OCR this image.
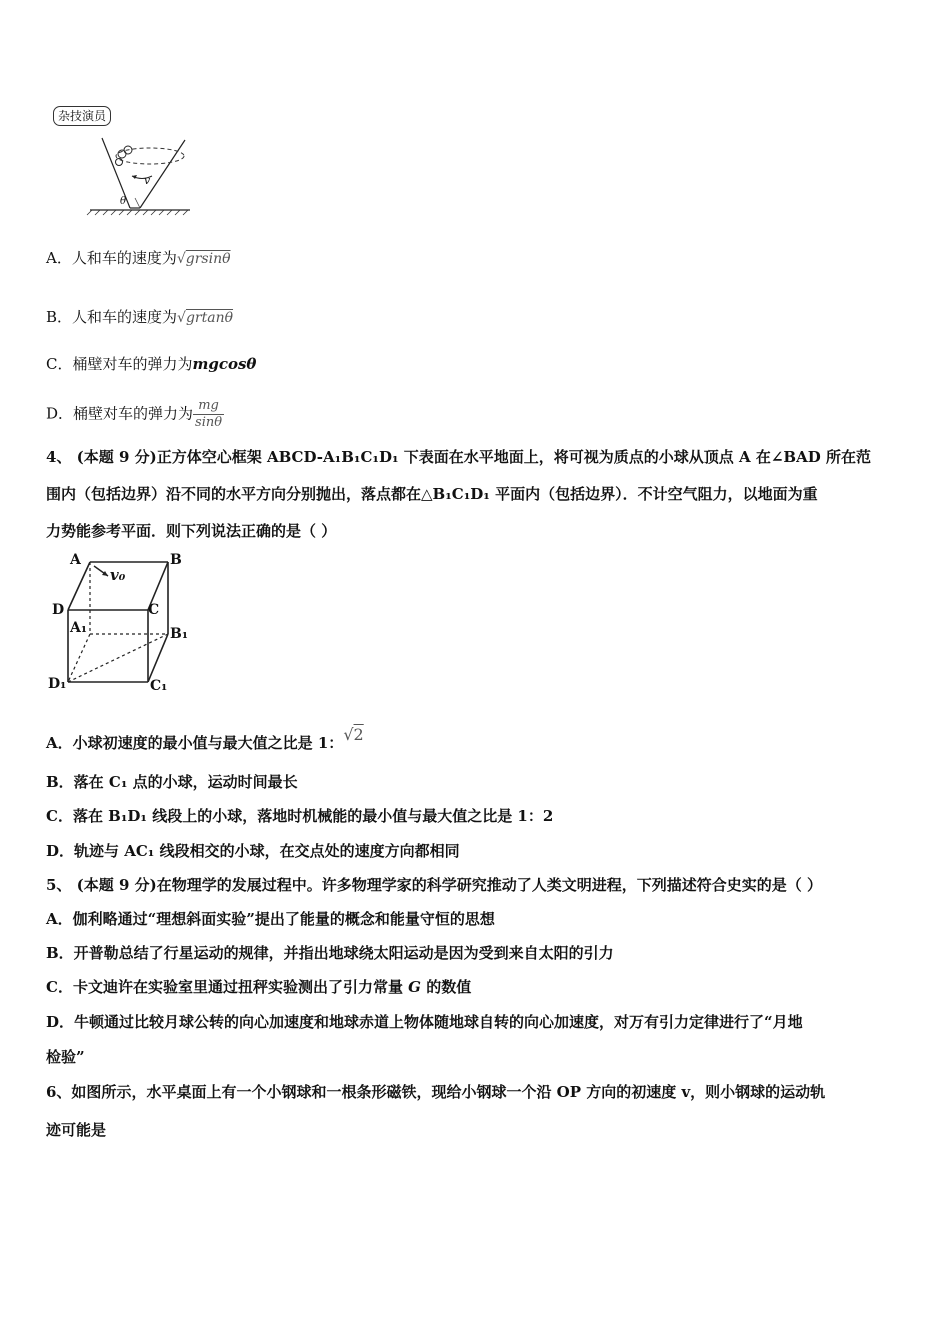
杂技演员
v
θ
A．人和车的速度为√grsinθ
B．人和车的速度为√grtanθ
C．桶壁对车的弹力为mgcosθ
D．桶壁对车的弹力为 $\frac{mg}{\sin\theta}$
4、 (本题 9 分)正方体空心框架 ABCD-A₁B₁C₁D₁ 下表面在水平地面上，将可视为质点的小球从顶点 A 在∠BAD 所在范
围内（包括边界）沿不同的水平方向分别抛出，落点都在△B₁C₁D₁ 平面内（包括边界）．不计空气阻力，以地面为重
力势能参考平面．则下列说法正确的是（ ）
A	B
D	C
A₁	B₁
D₁	C₁
v₀
A．小球初速度的最小值与最大值之比是 1：√2
B．落在 C₁ 点的小球，运动时间最长
C．落在 B₁D₁ 线段上的小球，落地时机械能的最小值与最大值之比是 1：2
D．轨迹与 AC₁ 线段相交的小球，在交点处的速度方向都相同
5、 (本题 9 分)在物理学的发展过程中。许多物理学家的科学研究推动了人类文明进程，下列描述符合史实的是（ ）
A．伽利略通过“理想斜面实验”提出了能量的概念和能量守恒的思想
B．开普勒总结了行星运动的规律，并指出地球绕太阳运动是因为受到来自太阳的引力
C．卡文迪许在实验室里通过扭秤实验测出了引力常量 G 的数值
D．牛顿通过比较月球公转的向心加速度和地球赤道上物体随地球自转的向心加速度，对万有引力定律进行了“月地
检验”
6、如图所示，水平桌面上有一个小钢球和一根条形磁铁，现给小钢球一个沿 OP 方向的初速度 v，则小钢球的运动轨
迹可能是
